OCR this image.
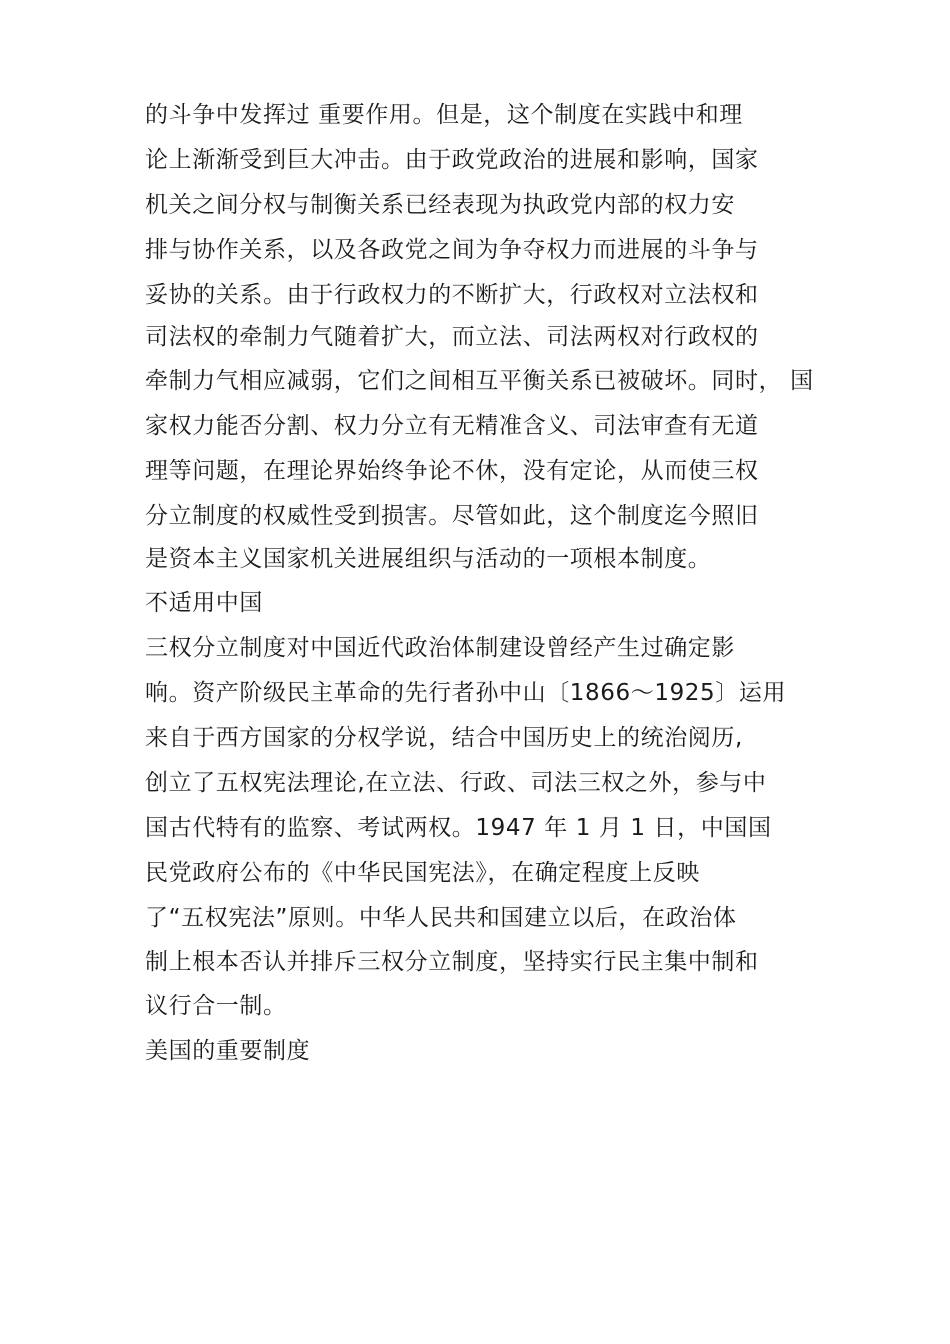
的斗争中发挥过 重要作用。但是，这个制度在实践中和理

论上渐渐受到巨大冲击。由于政党政治的进展和影响，国家

机关之间分权与制衡关系已经表现为执政党内部的权力安

排与协作关系，以及各政党之间为争夺权力而进展的斗争与

妥协的关系。由于行政权力的不断扩大，行政权对立法权和

司法权的牵制力气随着扩大，而立法、司法两权对行政权的

牵制力气相应减弱，它们之间相互平衡关系已被破坏。同时， 国

家权力能否分割、权力分立有无精准含义、司法审查有无道

理等问题，在理论界始终争论不休，没有定论，从而使三权

分立制度的权威性受到损害。尽管如此，这个制度迄今照旧

是资本主义国家机关进展组织与活动的一项根本制度。

不适用中国

三权分立制度对中国近代政治体制建设曾经产生过确定影

响。资产阶级民主革命的先行者孙中山〔1866～1925〕运用

来自于西方国家的分权学说，结合中国历史上的统治阅历,

创立了五权宪法理论,在立法、行政、司法三权之外，参与中

国古代特有的监察、考试两权。1947 年 1 月 1 日，中国国

民党政府公布的《中华民国宪法》，在确定程度上反映

了“五权宪法”原则。中华人民共和国建立以后，在政治体

制上根本否认并排斥三权分立制度，坚持实行民主集中制和

议行合一制。

美国的重要制度
